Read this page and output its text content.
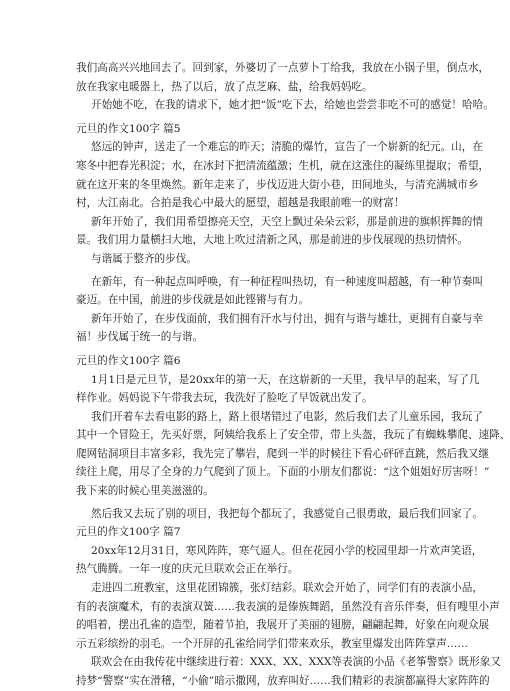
我们高高兴兴地回去了。回到家，外婆切了一点萝卜丁给我，我放在小锅子里，倒点水，
放在我家电暖器上，热了以后，放了点芝麻、盐，给我妈妈吃。
开始她不吃，在我的请求下，她才把“饭”吃下去，给她也尝尝非吃不可的感觉！哈哈。
元旦的作文100字 篇5
悠远的钟声，送走了一个难忘的昨天；清脆的爆竹，宣告了一个崭新的纪元。山，在
寒冬中把春光积淀；水，在冰封下把清流蕴激；生机，就在这涨住的凝练里提取；希望，
就在这开来的冬里焕然。新年走来了，步伐迈进大街小巷，田间地头，与清充满城市乡
村，大江南北。合拍是我心中最大的愿望，超越是我眼前唯一的财富！
新年开始了，我们用希望擦亮天空，天空上飘过朵朵云彩，那是前进的旗帜挥舞的情
景。我们用力量横扫大地，大地上吹过清新之风，那是前进的步伐展现的热切情怀。
与谐属于整齐的步伐。
在新年，有一种起点叫呼唤，有一种征程叫热切，有一种速度叫超越，有一种节奏叫
豪迈。在中国，前进的步伐就是如此铿锵与有力。
新年开始了，在步伐面前，我们拥有汗水与付出，拥有与谐与雄壮，更拥有自豪与幸
福！步伐属于统一的与谐。
元旦的作文100字 篇6
1月1日是元旦节，是20xx年的第一天，在这崭新的一天里，我早早的起来，写了几
样作业。妈妈说下午带我去玩，我洗好了脸吃了早饭就出发了。
我们开着车去看电影的路上，路上很堵错过了电影，然后我们去了儿童乐园，我玩了
其中一个冒险王，先买好票，阿姨给我系上了安全带，带上头盔，我玩了有蜘蛛攀爬、速降、
爬网钻洞项目丰富多彩，我先完了攀岩，爬到一半的时候往下看心砰砰直跳，然后我又继
续往上爬，用尽了全身的力气爬到了顶上。下面的小朋友们都说：“这个姐姐好厉害呀！”
我下来的时候心里美滋滋的。
然后我又去玩了别的项目，我把每个都玩了，我感觉自己很勇敢，最后我们回家了。
元旦的作文100字 篇7
20xx年12月31日，寒风阵阵，寒气逼人。但在花园小学的校园里却一片欢声笑语，
热气腾腾。一年一度的庆元旦联欢会正在举行。
走进四二班教室，这里花团锦簇，张灯结彩。联欢会开始了，同学们有的表演小品，
有的表演魔术，有的表演双簧……我表演的是傣族舞蹈，虽然没有音乐伴奏，但有嗖里小声
的唱着，摆出孔雀的造型，随着节拍，我展开了美丽的翅膀，翩翩起舞，好象在向观众展
示五彩缤纷的羽毛。一个开屏的孔雀给同学们带来欢乐，教室里爆发出阵阵掌声……
联欢会在由我传花中继续进行着：XXX、XX、XXX等表演的小品《老筝警察》既形象又
持梦“警察”实在滑稽，“小偷”暗示撒网，放弃叫好……我们精彩的表演都赢得大家阵阵的
